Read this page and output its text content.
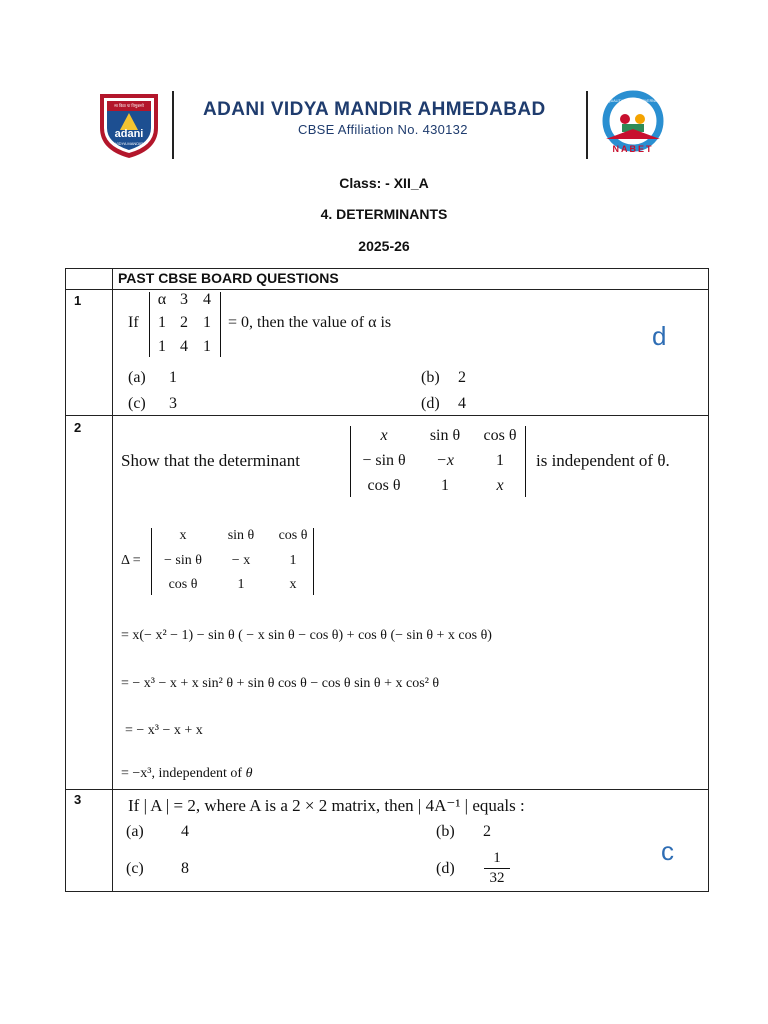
सा विद्या या विमुक्तये
adani
VIDYA MANDIR
ADANI VIDYA MANDIR AHMEDABAD
CBSE Affiliation No. 430132
QUALITY SCHOOL GOVERNANCE
NABET
Class: - XII_A
4. DETERMINANTS
2025-26
PAST CBSE BOARD QUESTIONS
1
If
α 3 4
1 2 1
1 4 1
= 0, then the value of α is
(a) 1	(b) 2
(c) 3	(d) 4
d
2
Show that the determinant
x	sin θ	cos θ
− sin θ	−x	1
cos θ	1	x
is independent of θ.
Δ =
x	sin θ	cos θ
− sin θ	− x	1
cos θ	1	x
= x(− x² − 1) − sin θ ( − x sin θ − cos θ) + cos θ (− sin θ + x cos θ)
= − x³ − x + x sin² θ + sin θ cos θ − cos θ sin θ + x cos² θ
= − x³ − x + x
= −x³, independent of θ
3	If | A | = 2, where A is a 2 × 2 matrix, then | 4A⁻¹ | equals :
(a) 4	(b) 2
(c) 8	(d)
1
32
c
